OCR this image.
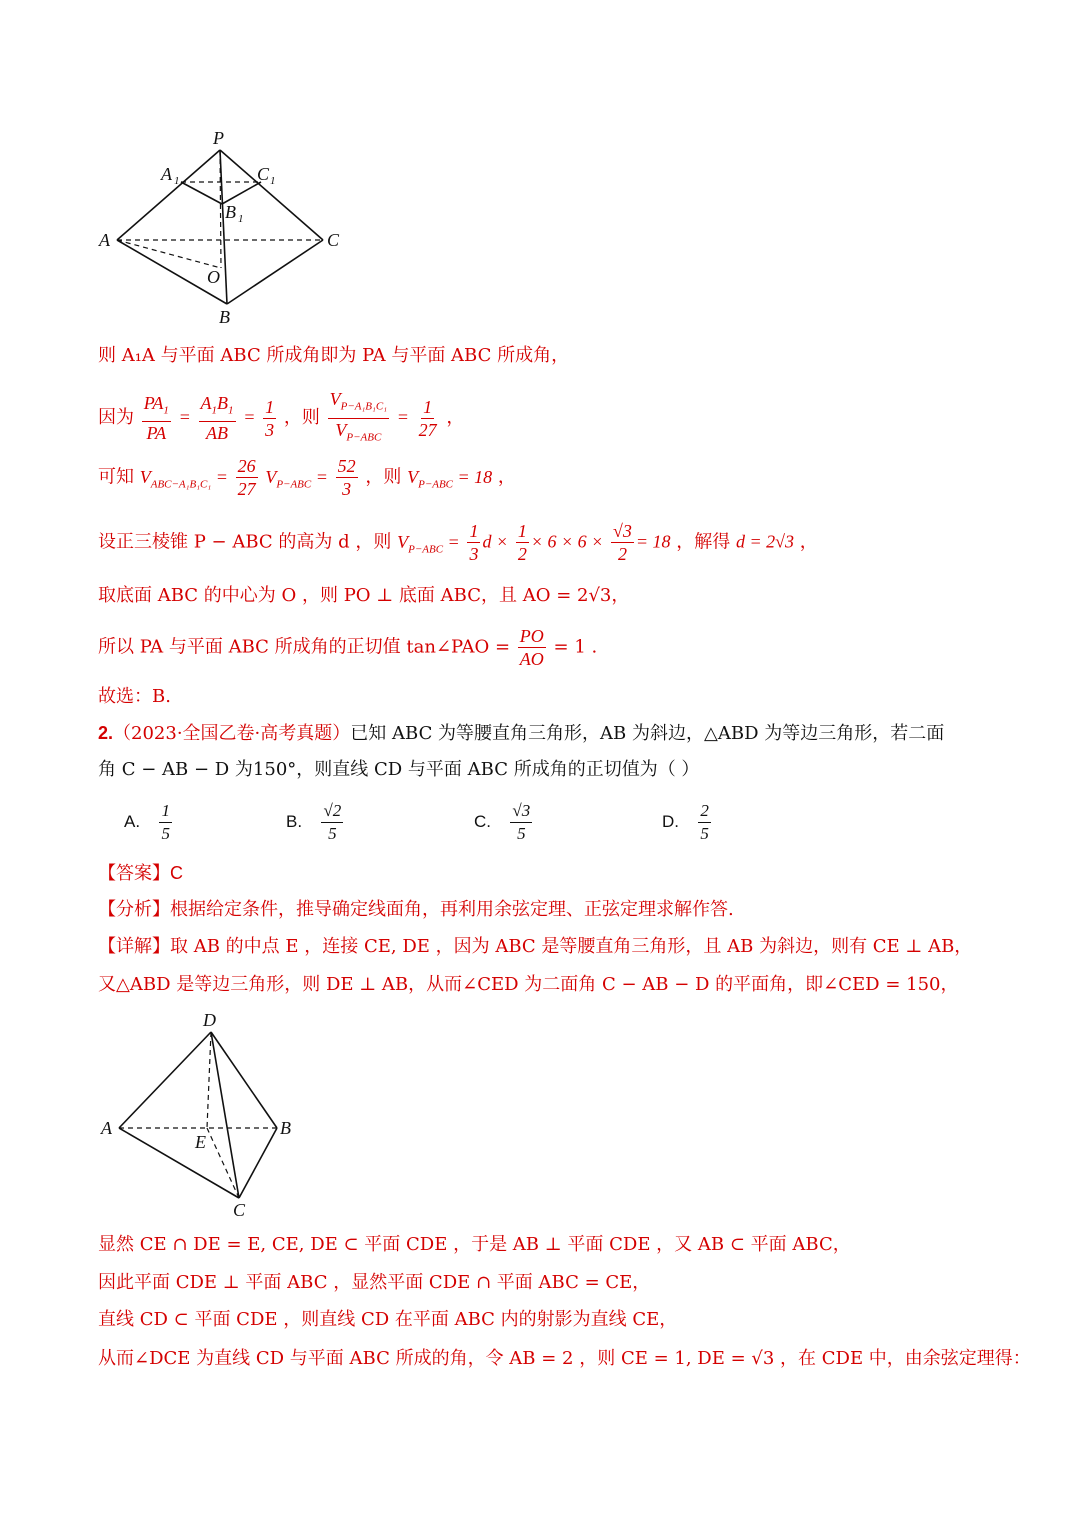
P
A 1	C 1
B 1
A	C
O
B
则 A₁A 与平面 ABC 所成角即为 PA 与平面 ABC 所成角，
因为 $\frac{PA_1}{PA} = \frac{A_1B_1}{AB} = \frac{1}{3}$ ，则 $\frac{V_{P-A_1B_1C_1}}{V_{P-ABC}} = \frac{1}{27}$ ，
可知 $V_{ABC-A_1B_1C_1} = \frac{26}{27} V_{P-ABC} = \frac{52}{3}$ ，则 $V_{P-ABC} = 18$ ，
设正三棱锥 P − ABC 的高为 d ，则 $V_{P-ABC} = \frac{1}{3}$ $d \times \frac{1}{2} \times 6 \times 6 \times \frac{√3}{2} = 18$ ，解得 d = 2√3 ，
取底面 ABC 的中心为 O ，则 PO ⊥ 底面 ABC，且 AO = 2√3，
所以 PA 与平面 ABC 所成角的正切值 tan∠PAO = $\frac{PO}{AO} = 1$ .
故选：B.
2.（2023·全国乙卷·高考真题）已知 ABC 为等腰直角三角形，AB 为斜边，△ABD 为等边三角形，若二面
角 C − AB − D 为150°，则直线 CD 与平面 ABC 所成角的正切值为（ ）
A. $\frac{1}{5}$	B. $\frac{√2}{5}$	C. $\frac{√3}{5}$	D. $\frac{2}{5}$
【答案】C
【分析】根据给定条件，推导确定线面角，再利用余弦定理、正弦定理求解作答.
【详解】取 AB 的中点 E ，连接 CE, DE ，因为 ABC 是等腰直角三角形，且 AB 为斜边，则有 CE ⊥ AB，
又△ABD 是等边三角形，则 DE ⊥ AB，从而∠CED 为二面角 C − AB − D 的平面角，即∠CED = 150，
D
A	B
E
C
显然 CE ∩ DE = E, CE, DE ⊂ 平面 CDE ，于是 AB ⊥ 平面 CDE ，又 AB ⊂ 平面 ABC，
因此平面 CDE ⊥ 平面 ABC ，显然平面 CDE ∩ 平面 ABC = CE，
直线 CD ⊂ 平面 CDE ，则直线 CD 在平面 ABC 内的射影为直线 CE，
从而∠DCE 为直线 CD 与平面 ABC 所成的角，令 AB = 2 ，则 CE = 1, DE = √3 ，在 CDE 中，由余弦定理得：
